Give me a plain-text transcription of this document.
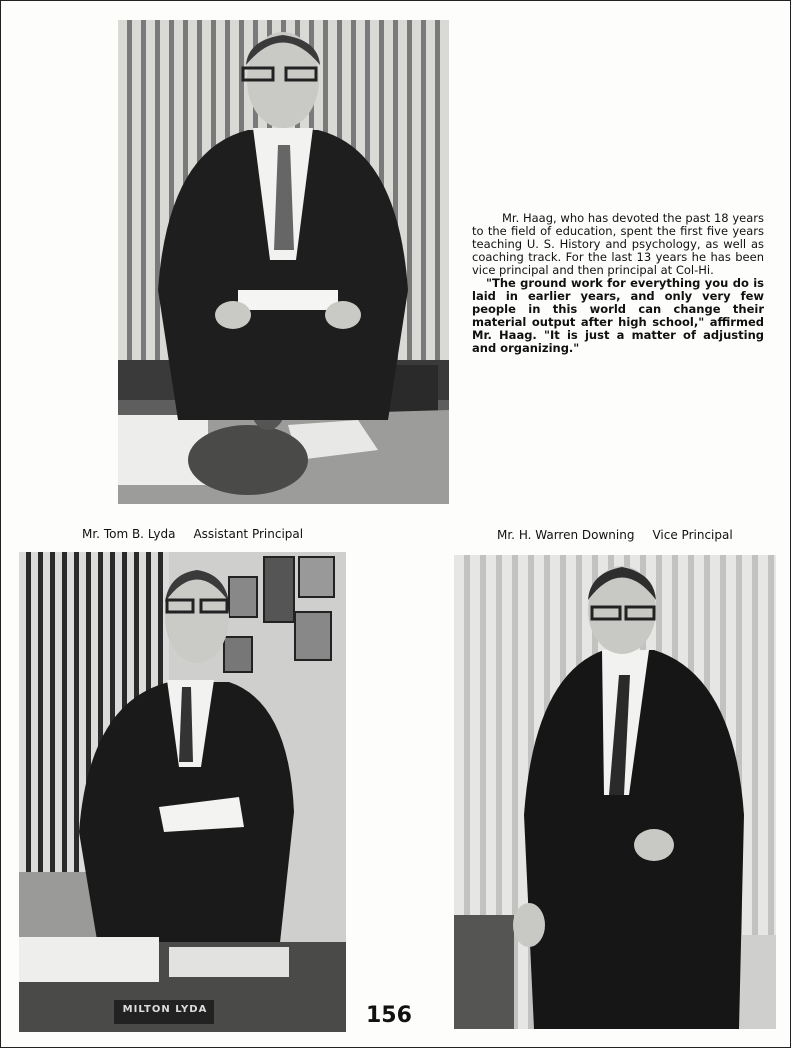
Mr. Haag, who has devoted the past 18 years to the field of education, spent the first five years teaching U. S. History and psychology, as well as coaching track. For the last 13 years he has been vice principal and then principal at Col-Hi.

"The ground work for everything you do is laid in earlier years, and only very few people in this world can change their material output after high school," affirmed Mr. Haag. "It is just a matter of adjusting and organizing."

Mr. Tom B. Lyda Assistant Principal	Mr. H. Warren Downing Vice Principal
MILTON LYDA	156
